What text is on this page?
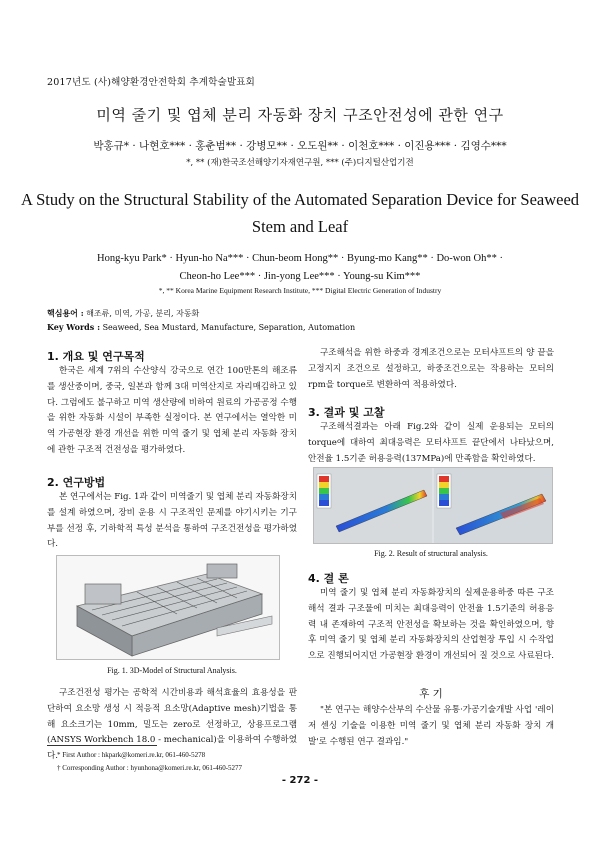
2017년도 (사)해양환경안전학회 추계학술발표회
미역 줄기 및 엽체 분리 자동화 장치 구조안전성에 관한 연구
박홍규* · 나현호*** · 홍춘범** · 강병모** · 오도원** · 이천호*** · 이진용*** · 김영수***
*, ** (재)한국조선해양기자재연구원, *** (주)디지털산업기전
A Study on the Structural Stability of the Automated Separation Device for Seaweed Stem and Leaf
Hong-kyu Park* · Hyun-ho Na*** · Chun-beom Hong** · Byung-mo Kang** · Do-won Oh** ·
Cheon-ho Lee*** · Jin-yong Lee*** · Young-su Kim***
*, ** Korea Marine Equipment Research Institute, *** Digital Electric Generation of Industry
핵심용어 : 해조류, 미역, 가공, 분리, 자동화
Key Words : Seaweed, Sea Mustard, Manufacture, Separation, Automation
1. 개요 및 연구목적

한국은 세계 7위의 수산양식 강국으로 연간 100만톤의 해조류를 생산중이며, 중국, 일본과 함께 3대 미역산지로 자리매김하고 있다. 그럼에도 불구하고 미역 생산량에 비하여 원료의 가공공정 수행을 위한 자동화 시설이 부족한 실정이다. 본 연구에서는 열악한 미역 가공현장 환경 개선을 위한 미역 줄기 및 엽체 분리 자동화 장치에 관한 구조적 건전성을 평가하였다.

2. 연구방법

본 연구에서는 Fig. 1과 같이 미역줄기 및 엽체 분리 자동화장치를 설계 하였으며, 장비 운용 시 구조적인 문제를 야기시키는 기구부를 선정 후, 기하학적 특성 분석을 통하여 구조건전성을 평가하였다.

Fig. 1. 3D-Model of Structural Analysis.

구조건전성 평가는 공학적 시간비용과 해석효율의 효용성을 판단하여 요소망 생성 시 적응적 요소망(Adaptive mesh)기법을 통해 요소크기는 10mm, 밀도는 zero로 선정하고, 상용프로그램(ANSYS Workbench 18.0 - mechanical)을 이용하여 수행하였다.

* First Author : hkpark@komeri.re.kr, 061-460-5278
† Corresponding Author : hyunhona@komeri.re.kr, 061-460-5277

구조해석을 위한 하중과 경계조건으로는 모터샤프트의 양 끝을 고정지지 조건으로 설정하고, 하중조건으로는 작용하는 모터의 rpm을 torque로 변환하여 적용하였다.

3. 결과 및 고찰

구조해석결과는 아래 Fig.2와 같이 실제 운용되는 모터의 torque에 대하여 최대응력은 모터샤프트 끝단에서 나타났으며, 안전율 1.5기준 허용응력(137MPa)에 만족함을 확인하였다.

Fig. 2. Result of structural analysis.
4. 결 론

미역 줄기 및 엽체 분리 자동화장치의 실제운용하중 따른 구조해석 결과 구조물에 미치는 최대응력이 안전율 1.5기준의 허용응력 내 존재하여 구조적 안전성을 확보하는 것을 확인하였으며, 향후 미역 줄기 및 엽체 분리 자동화장치의 산업현장 투입 시 수작업으로 진행되어지던 가공현장 환경이 개선되어 질 것으로 사료된다.

후 기

"본 연구는 해양수산부의 수산물 유통·가공기술개발 사업 '레이저 센싱 기술을 이용한 미역 줄기 및 엽체 분리 자동화 장치 개발'로 수행된 연구 결과임."

- 272 -
